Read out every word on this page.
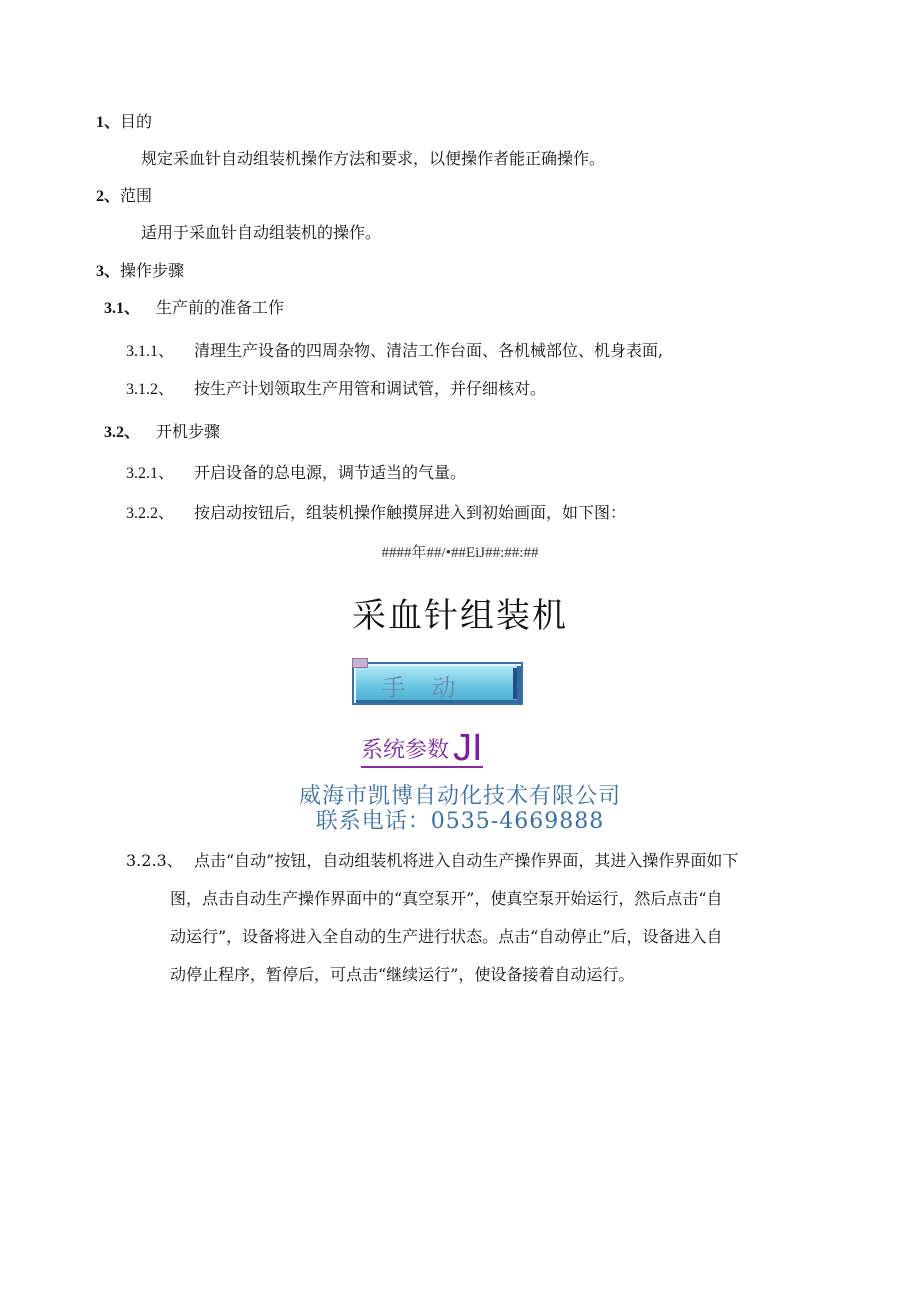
1、目的
规定采血针自动组装机操作方法和要求，以便操作者能正确操作。
2、范围
适用于采血针自动组装机的操作。
3、操作步骤
3.1、 生产前的准备工作
3.1.1、 清理生产设备的四周杂物、清洁工作台面、各机械部位、机身表面,
3.1.2、 按生产计划领取生产用管和调试管，并仔细核对。
3.2、 开机步骤
3.2.1、 开启设备的总电源，调节适当的气量。
3.2.2、 按启动按钮后，组装机操作触摸屏进入到初始画面，如下图：
####年##/•##EiJ##:##:##
采血针组装机
手动
系统参数 JI
威海市凯博自动化技术有限公司
联系电话：0535-4669888
3.2.3、 点击“自动”按钮，自动组装机将进入自动生产操作界面，其进入操作界面如下
图，点击自动生产操作界面中的“真空泵开”，使真空泵开始运行，然后点击“自
动运行”，设备将进入全自动的生产进行状态。点击“自动停止”后，设备进入自
动停止程序，暂停后，可点击“继续运行”，使设备接着自动运行。
